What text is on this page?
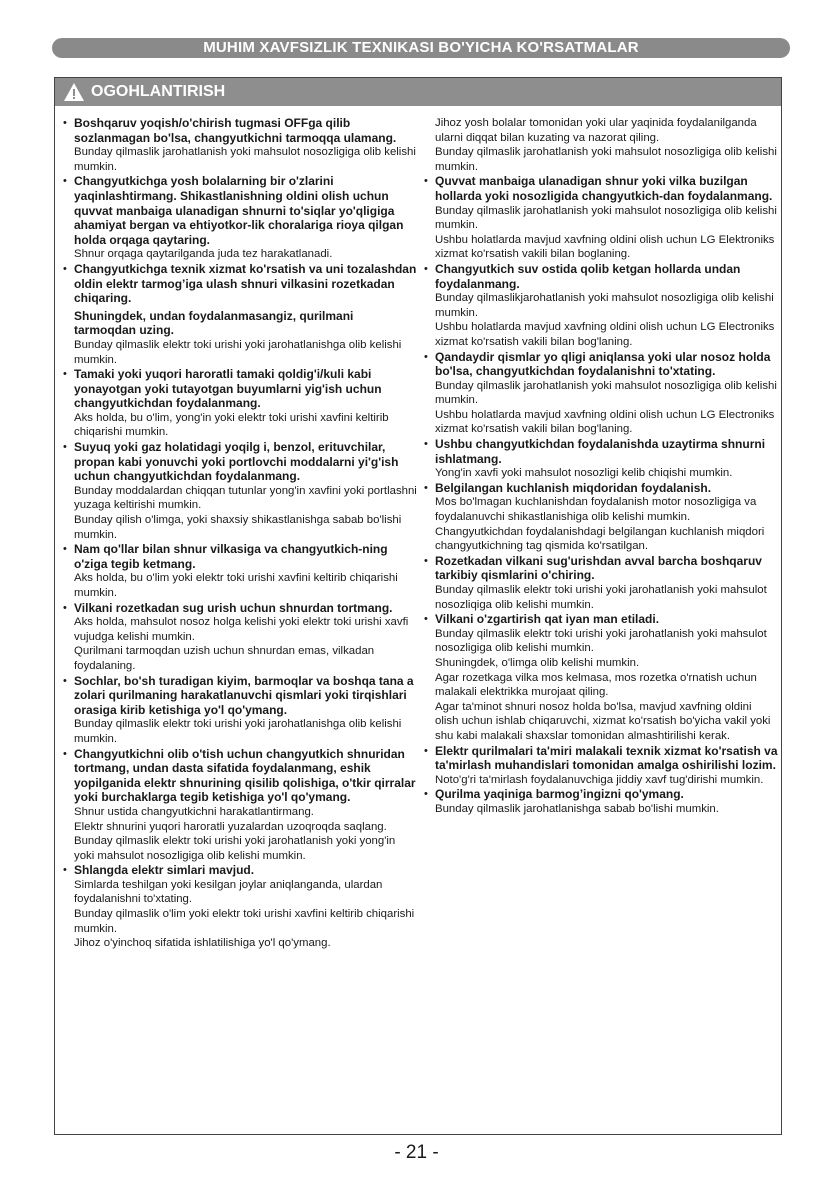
MUHIM XAVFSIZLIK TEXNIKASI BO'YICHA KO'RSATMALAR
OGOHLANTIRISH
• Boshqaruv yoqish/o'chirish tugmasi OFFga qilib sozlanmagan bo'lsa, changyutkichni tarmoqqa ulamang.
Bunday qilmaslik jarohatlanish yoki mahsulot nosozligiga olib kelishi mumkin.
• Changyutkichga yosh bolalarning bir o'zlarini yaqinlashtirmang. Shikastlanishning oldini olish uchun quvvat manbaiga ulanadigan shnurni to'siqlar yo'qligiga ahamiyat bergan va ehtiyotkor-lik choralariga rioya qilgan holda orqaga qaytaring.
Shnur orqaga qaytarilganda juda tez harakatlanadi.
• Changyutkichga texnik xizmat ko'rsatish va uni tozalashdan oldin elektr tarmog’iga ulash shnuri vilkasini rozetkadan chiqaring.
Shuningdek, undan foydalanmasangiz, qurilmani tarmoqdan uzing.
Bunday qilmaslik elektr toki urishi yoki jarohatlanishga olib kelishi mumkin.
• Tamaki yoki yuqori haroratli tamaki qoldig'i/kuli kabi yonayotgan yoki tutayotgan buyumlarni yig'ish uchun changyutkichdan foydalanmang.
Aks holda, bu o'lim, yong'in yoki elektr toki urishi xavfini keltirib chiqarishi mumkin.
• Suyuq yoki gaz holatidagi yoqilg i, benzol, erituvchilar, propan kabi yonuvchi yoki portlovchi moddalarni yi'g'ish uchun changyutkichdan foydalanmang.
Bunday moddalardan chiqqan tutunlar yong'in xavfini yoki portlashni yuzaga keltirishi mumkin.
Bunday qilish o'limga, yoki shaxsiy shikastlanishga sabab bo'lishi mumkin.
• Nam qo'llar bilan shnur vilkasiga va changyutkich-ning o'ziga tegib ketmang.
Aks holda, bu o'lim yoki elektr toki urishi xavfini keltirib chiqarishi mumkin.
• Vilkani rozetkadan sug urish uchun shnurdan tortmang.
Aks holda, mahsulot nosoz holga kelishi yoki elektr toki urishi xavfi vujudga kelishi mumkin.
Qurilmani tarmoqdan uzish uchun shnurdan emas, vilkadan foydalaning.
• Sochlar, bo'sh turadigan kiyim, barmoqlar va boshqa tana a zolari qurilmaning harakatlanuvchi qismlari yoki tirqishlari orasiga kirib ketishiga yo'l qo'ymang.
Bunday qilmaslik elektr toki urishi yoki jarohatlanishga olib kelishi mumkin.
• Changyutkichni olib o'tish uchun changyutkich shnuridan tortmang, undan dasta sifatida foydalanmang, eshik yopilganida elektr shnurining qisilib qolishiga, o'tkir qirralar yoki burchaklarga tegib ketishiga yo'l qo'ymang.
Shnur ustida changyutkichni harakatlantirmang.
Elektr shnurini yuqori haroratli yuzalardan uzoqroqda saqlang.
Bunday qilmaslik elektr toki urishi yoki jarohatlanish yoki yong'in yoki mahsulot nosozligiga olib kelishi mumkin.
• Shlangda elektr simlari mavjud.
Simlarda teshilgan yoki kesilgan joylar aniqlanganda, ulardan foydalanishni to'xtating.
Bunday qilmaslik o'lim yoki elektr toki urishi xavfini keltirib chiqarishi mumkin.
Jihoz o'yinchoq sifatida ishlatilishiga yo'l qo'ymang.
Jihoz yosh bolalar tomonidan yoki ular yaqinida foydalanilganda ularni diqqat bilan kuzating va nazorat qiling.
Bunday qilmaslik jarohatlanish yoki mahsulot nosozligiga olib kelishi mumkin.
• Quvvat manbaiga ulanadigan shnur yoki vilka buzilgan hollarda yoki nosozligida changyutkich-dan foydalanmang.
Bunday qilmaslik jarohatlanish yoki mahsulot nosozligiga olib kelishi mumkin.
Ushbu holatlarda mavjud xavfning oldini olish uchun LG Elektroniks xizmat ko'rsatish vakili bilan boglaning.
• Changyutkich suv ostida qolib ketgan hollarda undan foydalanmang.
Bunday qilmaslikjarohatlanish yoki mahsulot nosozligiga olib kelishi mumkin.
Ushbu holatlarda mavjud xavfning oldini olish uchun LG Electroniks xizmat ko'rsatish vakili bilan bog'laning.
• Qandaydir qismlar yo qligi aniqlansa yoki ular nosoz holda bo'lsa, changyutkichdan foydalanishni to'xtating.
Bunday qilmaslik jarohatlanish yoki mahsulot nosozligiga olib kelishi mumkin.
Ushbu holatlarda mavjud xavfning oldini olish uchun LG Electroniks xizmat ko'rsatish vakili bilan bog'laning.
• Ushbu changyutkichdan foydalanishda uzaytirma shnurni ishlatmang.
Yong'in xavfi yoki mahsulot nosozligi kelib chiqishi mumkin.
• Belgilangan kuchlanish miqdoridan foydalanish.
Mos bo'lmagan kuchlanishdan foydalanish motor nosozligiga va foydalanuvchi shikastlanishiga olib kelishi mumkin.
Changyutkichdan foydalanishdagi belgilangan kuchlanish miqdori changyutkichning tag qismida ko'rsatilgan.
• Rozetkadan vilkani sug'urishdan avval barcha boshqaruv tarkibiy qismlarini o'chiring.
Bunday qilmaslik elektr toki urishi yoki jarohatlanish yoki mahsulot nosozliqiga olib kelishi mumkin.
• Vilkani o'zgartirish qat iyan man etiladi.
Bunday qilmaslik elektr toki urishi yoki jarohatlanish yoki mahsulot nosozligiga olib kelishi mumkin.
Shuningdek, o'limga olib kelishi mumkin.
Agar rozetkaga vilka mos kelmasa, mos rozetka o'rnatish uchun malakali elektrikka murojaat qiling.
Agar ta'minot shnuri nosoz holda bo'lsa, mavjud xavfning oldini olish uchun ishlab chiqaruvchi, xizmat ko'rsatish bo'yicha vakil yoki shu kabi malakali shaxslar tomonidan almashtirilishi kerak.
• Elektr qurilmalari ta'miri malakali texnik xizmat ko'rsatish va ta'mirlash muhandislari tomonidan amalga oshirilishi lozim.
Noto'g'ri ta'mirlash foydalanuvchiga jiddiy xavf tug'dirishi mumkin.
• Qurilma yaqiniga barmog’ingizni qo'ymang.
Bunday qilmaslik jarohatlanishga sabab bo'lishi mumkin.
- 21 -
